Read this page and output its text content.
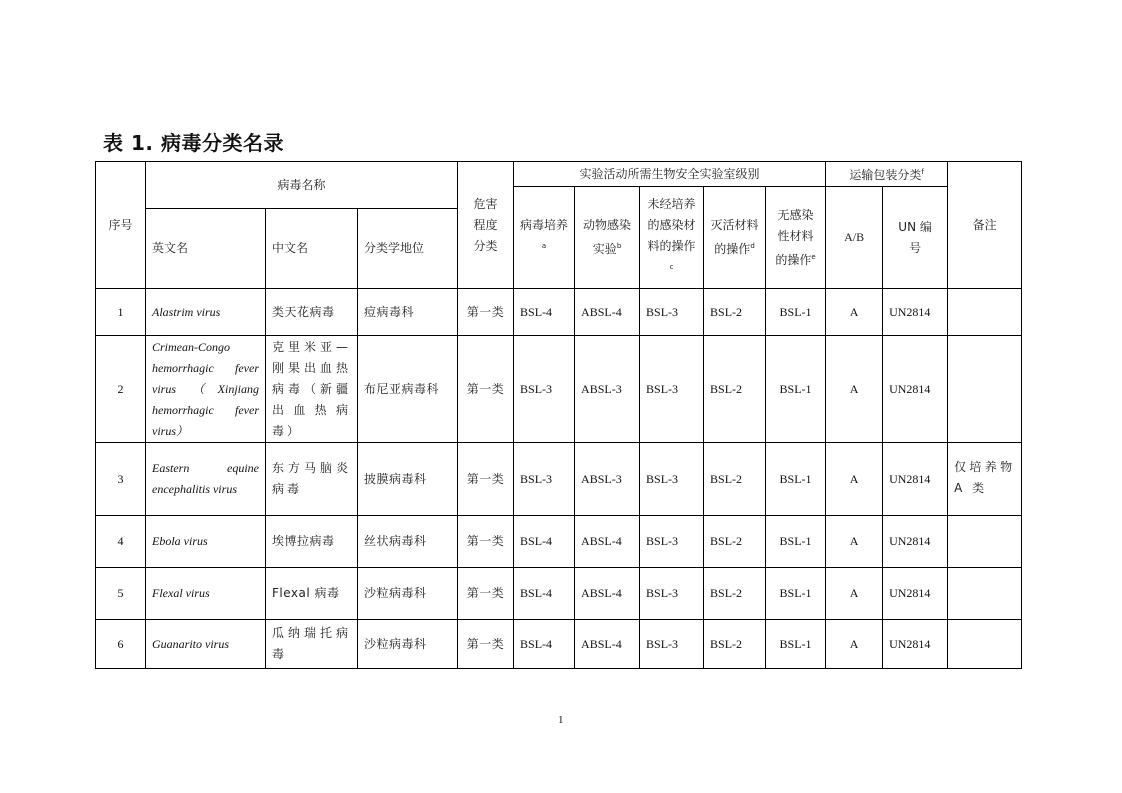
表 1. 病毒分类名录
序号	病毒名称			危害程度分类	实验活动所需生物安全实验室级别					运输包装分类$^f$		备注
					病毒培养$^a$	动物感染实验$^b$	未经培养的感染材料的操作$^c$	灭活材料的操作$^d$	无感染性材料的操作$^e$	A/B	UN 编号	
	英文名	中文名	分类学地位									
1	Alastrim virus	类天花病毒	痘病毒科	第一类	BSL-4	ABSL-4	BSL-3	BSL-2	BSL-1	A	UN2814	
2	Crimean-Congo hemorrhagic fever virus （Xinjiang hemorrhagic fever virus）	克里米亚—刚果出血热病毒（新疆出血热病毒）	布尼亚病毒科	第一类	BSL-3	ABSL-3	BSL-3	BSL-2	BSL-1	A	UN2814	
3	Eastern equine encephalitis virus	东方马脑炎病毒	披膜病毒科	第一类	BSL-3	ABSL-3	BSL-3	BSL-2	BSL-1	A	UN2814	仅培养物 A 类
4	Ebola virus	埃博拉病毒	丝状病毒科	第一类	BSL-4	ABSL-4	BSL-3	BSL-2	BSL-1	A	UN2814	
5	Flexal virus	Flexal 病毒	沙粒病毒科	第一类	BSL-4	ABSL-4	BSL-3	BSL-2	BSL-1	A	UN2814	
6	Guanarito virus	瓜纳瑞托病毒	沙粒病毒科	第一类	BSL-4	ABSL-4	BSL-3	BSL-2	BSL-1	A	UN2814	
1
